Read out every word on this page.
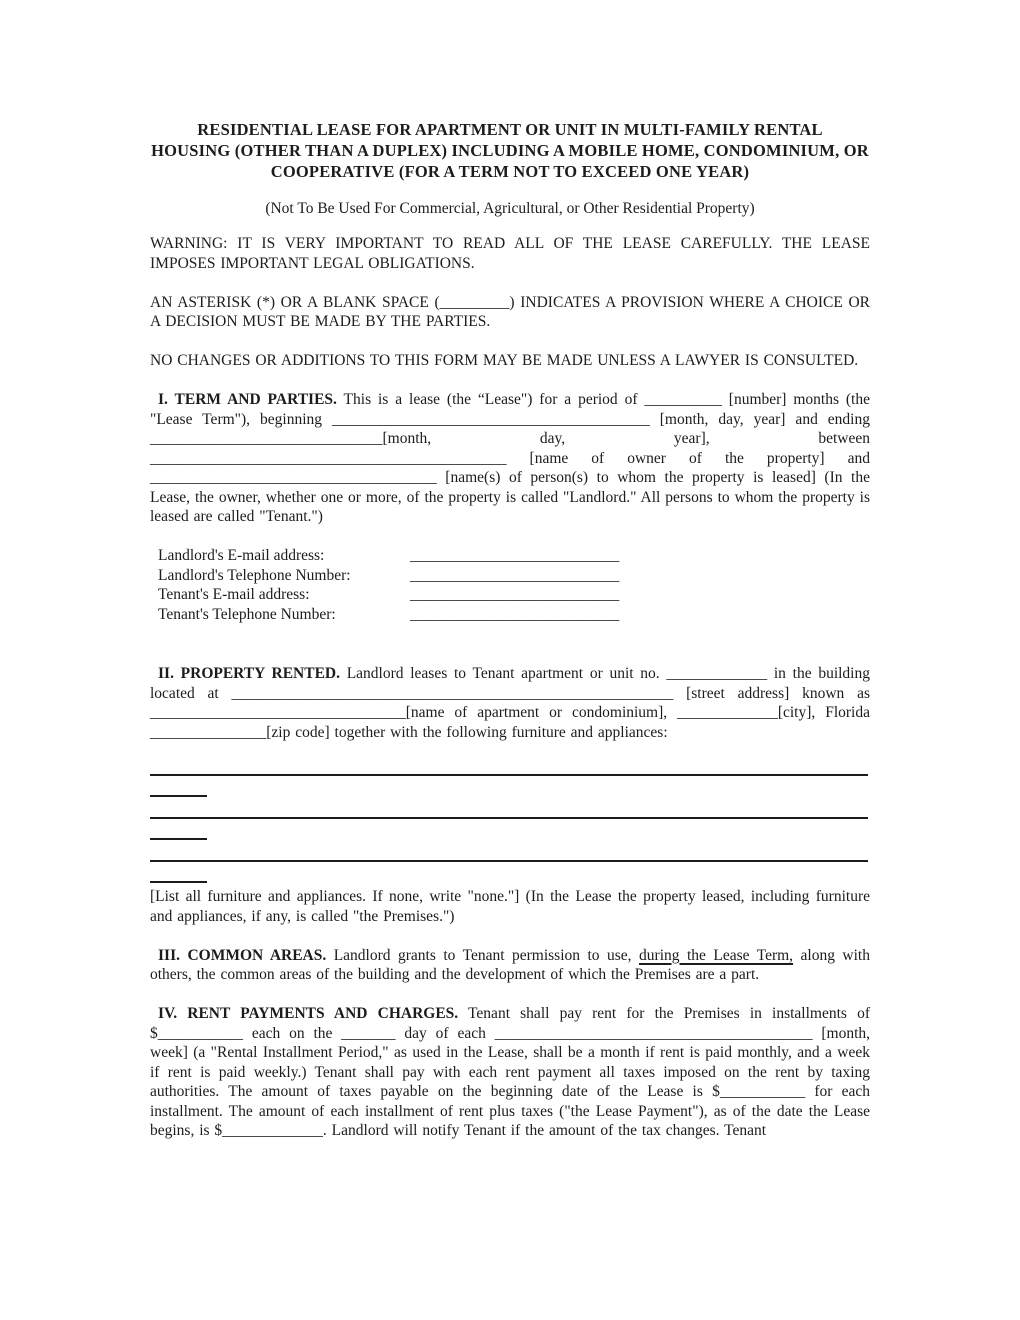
RESIDENTIAL LEASE FOR APARTMENT OR UNIT IN MULTI-FAMILY RENTAL
HOUSING (OTHER THAN A DUPLEX) INCLUDING A MOBILE HOME, CONDOMINIUM, OR
COOPERATIVE (FOR A TERM NOT TO EXCEED ONE YEAR)
(Not To Be Used For Commercial, Agricultural, or Other Residential Property)

WARNING: IT IS VERY IMPORTANT TO READ ALL OF THE LEASE CAREFULLY. THE LEASE IMPOSES IMPORTANT LEGAL OBLIGATIONS.

AN ASTERISK (*) OR A BLANK SPACE (_________) INDICATES A PROVISION WHERE A CHOICE OR A DECISION MUST BE MADE BY THE PARTIES.

NO CHANGES OR ADDITIONS TO THIS FORM MAY BE MADE UNLESS A LAWYER IS CONSULTED.

I. TERM AND PARTIES. This is a lease (the “Lease") for a period of __________ [number] months (the "Lease Term"), beginning _________________________________________ [month, day, year] and ending ______________________________[month, day, year], between ______________________________________________ [name of owner of the property] and _____________________________________ [name(s) of person(s) to whom the property is leased] (In the Lease, the owner, whether one or more, of the property is called "Landlord." All persons to whom the property is leased are called "Tenant.")

Landlord's E-mail address:	___________________________
Landlord's Telephone Number:	___________________________
Tenant's E-mail address:	___________________________
Tenant's Telephone Number:	___________________________

II. PROPERTY RENTED. Landlord leases to Tenant apartment or unit no. _____________ in the building located at _________________________________________________________ [street address] known as _________________________________[name of apartment or condominium], _____________[city], Florida _______________[zip code] together with the following furniture and appliances:

[List all furniture and appliances. If none, write "none."] (In the Lease the property leased, including furniture and appliances, if any, is called "the Premises.")

III. COMMON AREAS. Landlord grants to Tenant permission to use, during the Lease Term, along with others, the common areas of the building and the development of which the Premises are a part.

IV. RENT PAYMENTS AND CHARGES. Tenant shall pay rent for the Premises in installments of $___________ each on the _______ day of each _________________________________________ [month, week] (a "Rental Installment Period," as used in the Lease, shall be a month if rent is paid monthly, and a week if rent is paid weekly.) Tenant shall pay with each rent payment all taxes imposed on the rent by taxing authorities. The amount of taxes payable on the beginning date of the Lease is $___________ for each installment. The amount of each installment of rent plus taxes ("the Lease Payment"), as of the date the Lease begins, is $_____________. Landlord will notify Tenant if the amount of the tax changes. Tenant
